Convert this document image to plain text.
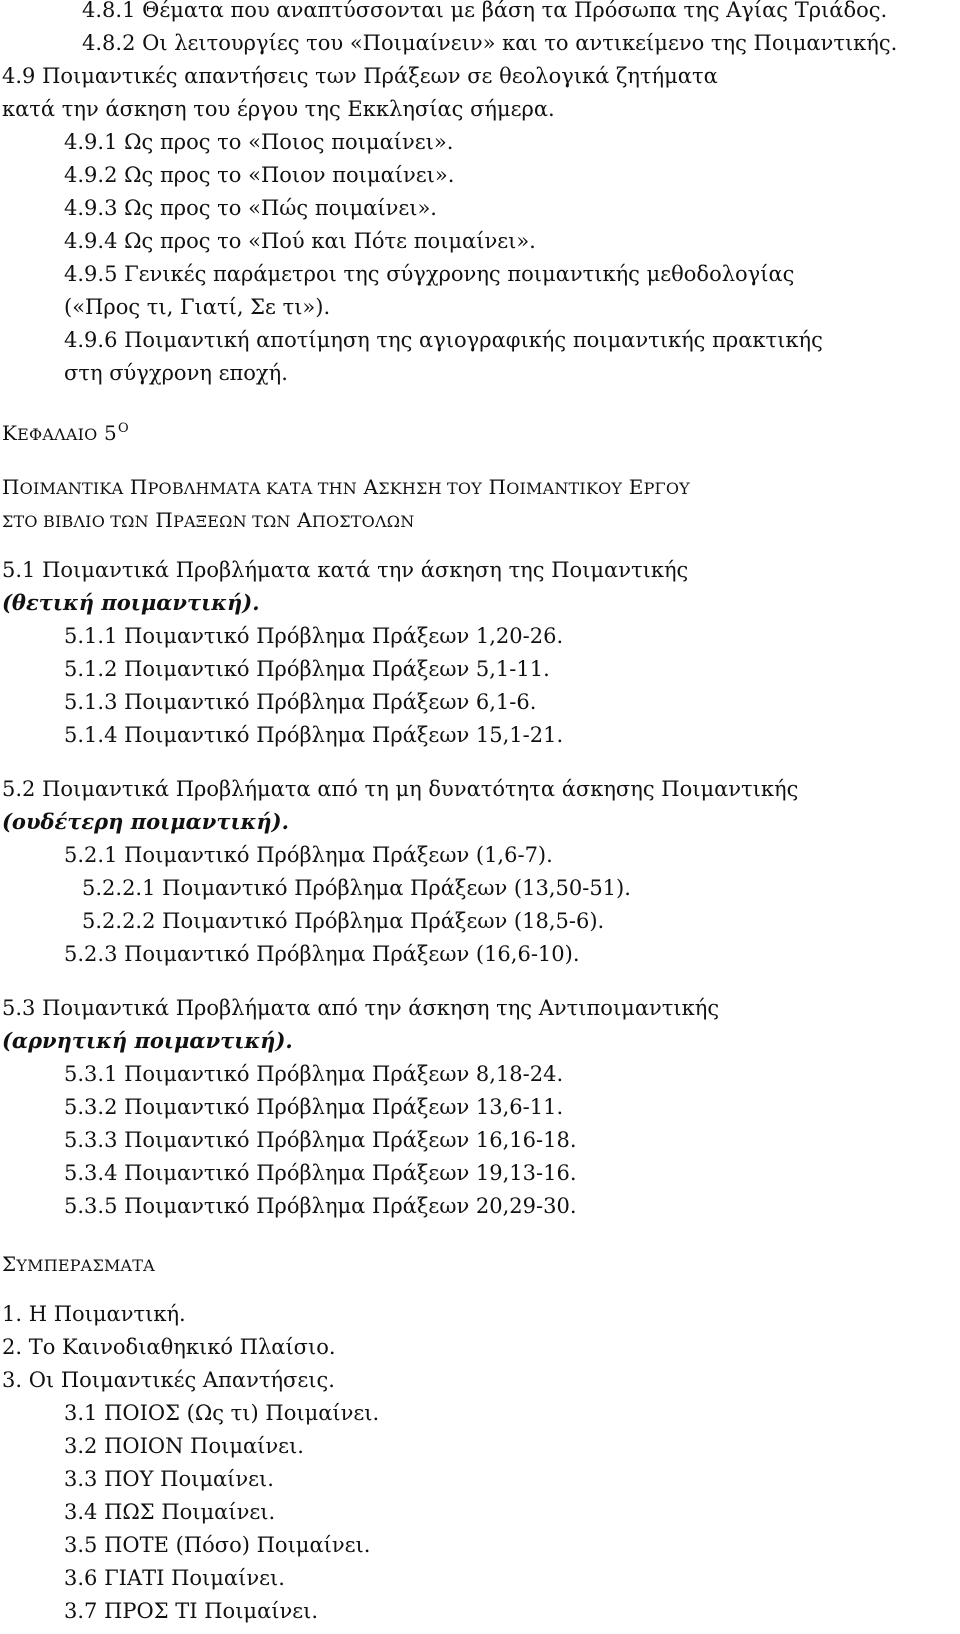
4.8.1 Θέματα που αναπτύσσονται με βάση τα Πρόσωπα της Αγίας Τριάδος.
4.8.2 Οι λειτουργίες του «Ποιμαίνειν» και το αντικείμενο της Ποιμαντικής.
4.9 Ποιμαντικές απαντήσεις των Πράξεων σε θεολογικά ζητήματα
κατά την άσκηση του έργου της Εκκλησίας σήμερα.
4.9.1 Ως προς το «Ποιος ποιμαίνει».
4.9.2 Ως προς το «Ποιον ποιμαίνει».
4.9.3 Ως προς το «Πώς ποιμαίνει».
4.9.4 Ως προς το «Πού και Πότε ποιμαίνει».
4.9.5 Γενικές παράμετροι της σύγχρονης ποιμαντικής μεθοδολογίας
(«Προς τι, Γιατί, Σε τι»).
4.9.6 Ποιμαντική αποτίμηση της αγιογραφικής ποιμαντικής πρακτικής
στη σύγχρονη εποχή.
ΚΕΦΑΛΑΙΟ $5^O$
ΠΟΙΜΑΝΤΙΚΑ ΠΡΟΒΛΗΜΑΤΑ ΚΑΤΑ ΤΗΝ ΑΣΚΗΣΗ ΤΟΥ ΠΟΙΜΑΝΤΙΚΟΥ ΕΡΓΟΥ
ΣΤΟ ΒΙΒΛΙΟ ΤΩΝ ΠΡΑΞΕΩΝ ΤΩΝ ΑΠΟΣΤΟΛΩΝ
5.1 Ποιμαντικά Προβλήματα κατά την άσκηση της Ποιμαντικής
(θετική ποιμαντική).
5.1.1 Ποιμαντικό Πρόβλημα Πράξεων 1,20-26.
5.1.2 Ποιμαντικό Πρόβλημα Πράξεων 5,1-11.
5.1.3 Ποιμαντικό Πρόβλημα Πράξεων 6,1-6.
5.1.4 Ποιμαντικό Πρόβλημα Πράξεων 15,1-21.
5.2 Ποιμαντικά Προβλήματα από τη μη δυνατότητα άσκησης Ποιμαντικής
(ουδέτερη ποιμαντική).
5.2.1 Ποιμαντικό Πρόβλημα Πράξεων (1,6-7).
5.2.2.1 Ποιμαντικό Πρόβλημα Πράξεων (13,50-51).
5.2.2.2 Ποιμαντικό Πρόβλημα Πράξεων (18,5-6).
5.2.3 Ποιμαντικό Πρόβλημα Πράξεων (16,6-10).
5.3 Ποιμαντικά Προβλήματα από την άσκηση της Αντιποιμαντικής
(αρνητική ποιμαντική).
5.3.1 Ποιμαντικό Πρόβλημα Πράξεων 8,18-24.
5.3.2 Ποιμαντικό Πρόβλημα Πράξεων 13,6-11.
5.3.3 Ποιμαντικό Πρόβλημα Πράξεων 16,16-18.
5.3.4 Ποιμαντικό Πρόβλημα Πράξεων 19,13-16.
5.3.5 Ποιμαντικό Πρόβλημα Πράξεων 20,29-30.
ΣΥΜΠΕΡΑΣΜΑΤΑ
1. Η Ποιμαντική.
2. Το Καινοδιαθηκικό Πλαίσιο.
3. Οι Ποιμαντικές Απαντήσεις.
3.1 ΠΟΙΟΣ (Ως τι) Ποιμαίνει.
3.2 ΠΟΙΟΝ Ποιμαίνει.
3.3 ΠΟΥ Ποιμαίνει.
3.4 ΠΩΣ Ποιμαίνει.
3.5 ΠΟΤΕ (Πόσο) Ποιμαίνει.
3.6 ΓΙΑΤΙ Ποιμαίνει.
3.7 ΠΡΟΣ ΤΙ Ποιμαίνει.
